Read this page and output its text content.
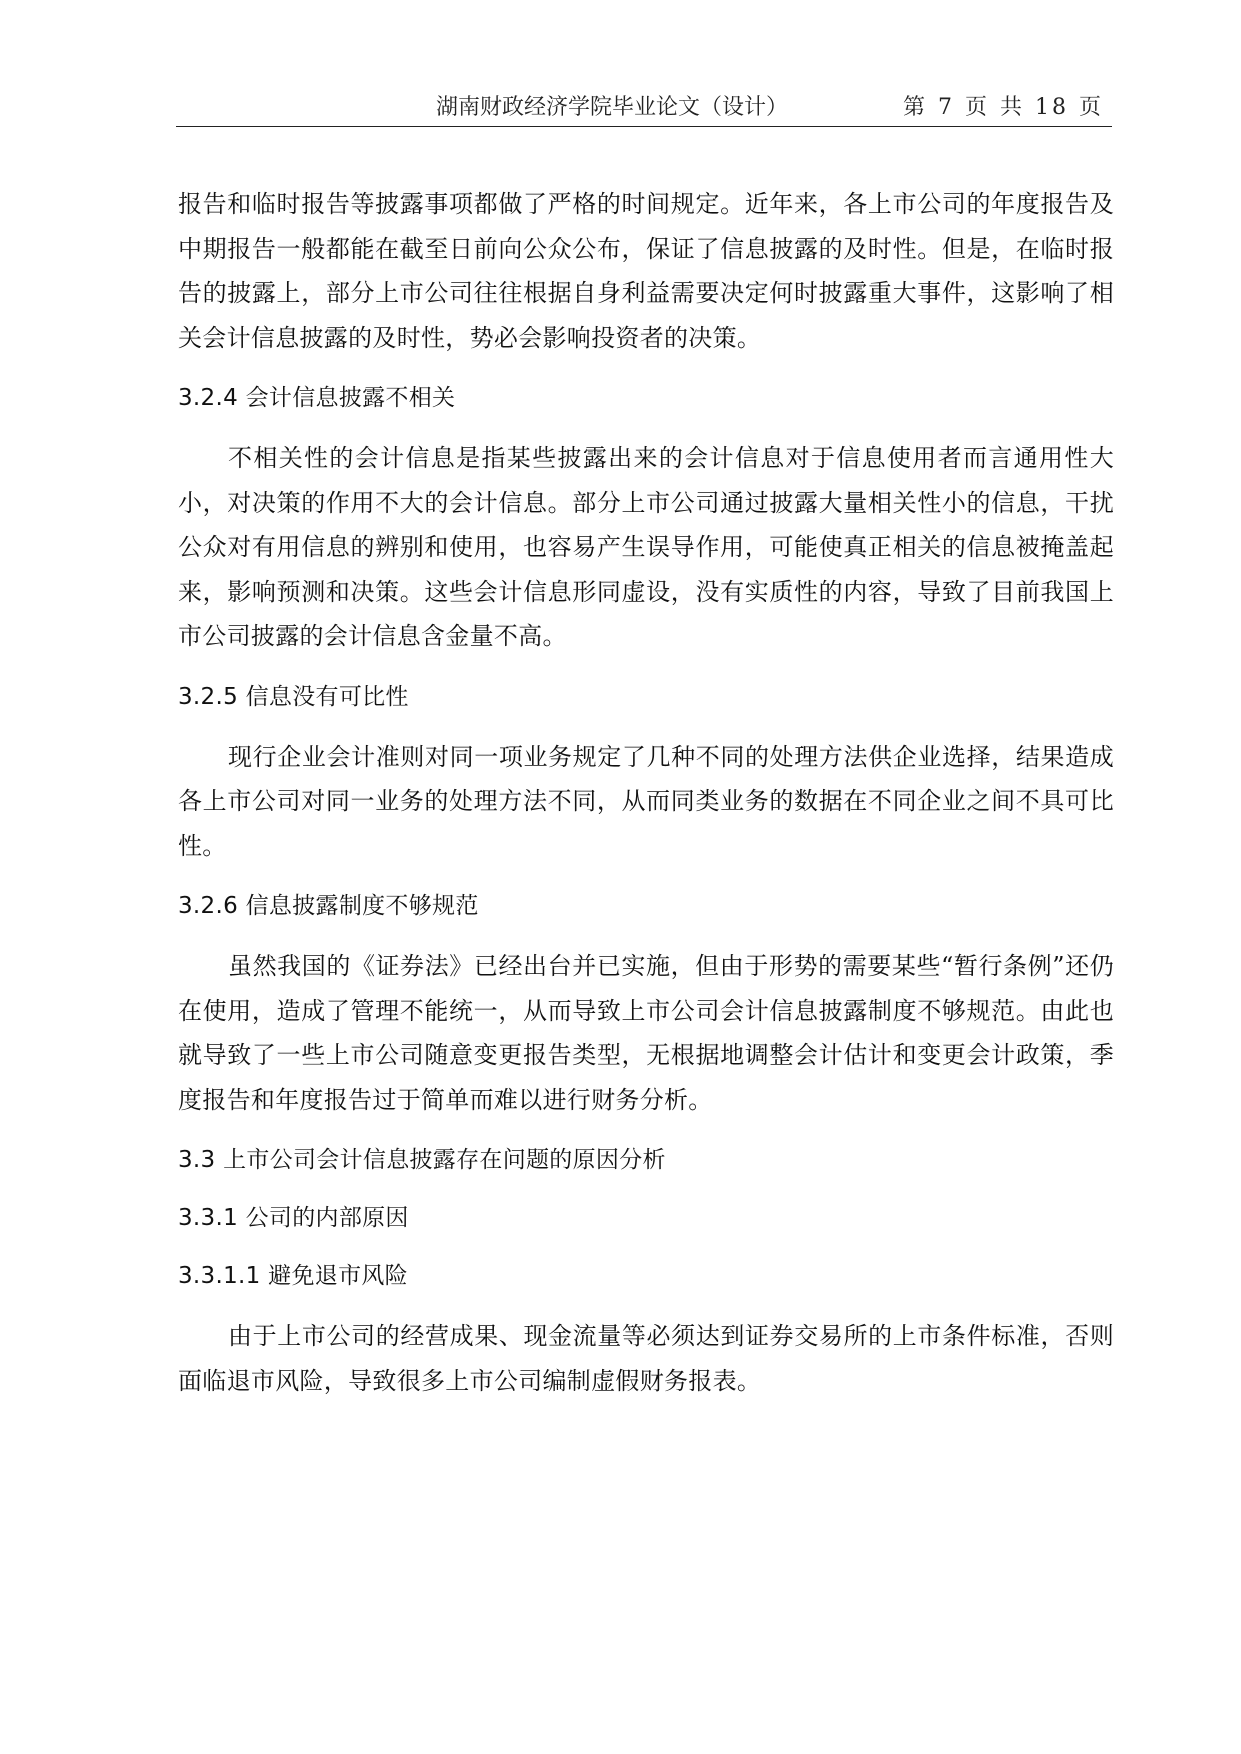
湖南财政经济学院毕业论文（设计）	第 7 页 共 18 页

报告和临时报告等披露事项都做了严格的时间规定。近年来，各上市公司的年度报告及中期报告一般都能在截至日前向公众公布，保证了信息披露的及时性。但是，在临时报告的披露上，部分上市公司往往根据自身利益需要决定何时披露重大事件，这影响了相关会计信息披露的及时性，势必会影响投资者的决策。

3.2.4 会计信息披露不相关

不相关性的会计信息是指某些披露出来的会计信息对于信息使用者而言通用性大小，对决策的作用不大的会计信息。部分上市公司通过披露大量相关性小的信息，干扰公众对有用信息的辨别和使用，也容易产生误导作用，可能使真正相关的信息被掩盖起来，影响预测和决策。这些会计信息形同虚设，没有实质性的内容，导致了目前我国上市公司披露的会计信息含金量不高。

3.2.5 信息没有可比性

现行企业会计准则对同一项业务规定了几种不同的处理方法供企业选择，结果造成各上市公司对同一业务的处理方法不同，从而同类业务的数据在不同企业之间不具可比性。

3.2.6 信息披露制度不够规范

虽然我国的《证券法》已经出台并已实施，但由于形势的需要某些“暂行条例”还仍在使用，造成了管理不能统一，从而导致上市公司会计信息披露制度不够规范。由此也就导致了一些上市公司随意变更报告类型，无根据地调整会计估计和变更会计政策，季度报告和年度报告过于简单而难以进行财务分析。

3.3 上市公司会计信息披露存在问题的原因分析
3.3.1 公司的内部原因
3.3.1.1 避免退市风险

由于上市公司的经营成果、现金流量等必须达到证券交易所的上市条件标准，否则面临退市风险，导致很多上市公司编制虚假财务报表。
